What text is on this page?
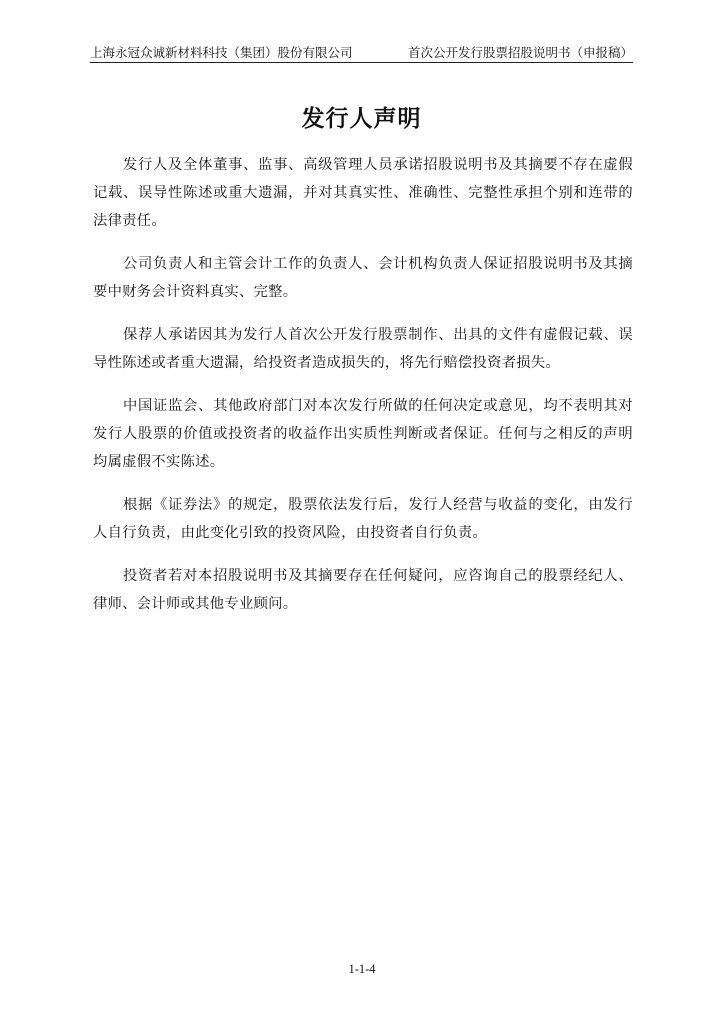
上海永冠众诚新材料科技（集团）股份有限公司	首次公开发行股票招股说明书（申报稿）
发行人声明

发行人及全体董事、监事、高级管理人员承诺招股说明书及其摘要不存在虚假记载、误导性陈述或重大遗漏，并对其真实性、准确性、完整性承担个别和连带的法律责任。

公司负责人和主管会计工作的负责人、会计机构负责人保证招股说明书及其摘要中财务会计资料真实、完整。

保荐人承诺因其为发行人首次公开发行股票制作、出具的文件有虚假记载、误导性陈述或者重大遗漏，给投资者造成损失的，将先行赔偿投资者损失。

中国证监会、其他政府部门对本次发行所做的任何决定或意见，均不表明其对发行人股票的价值或投资者的收益作出实质性判断或者保证。任何与之相反的声明均属虚假不实陈述。

根据《证券法》的规定，股票依法发行后，发行人经营与收益的变化，由发行人自行负责，由此变化引致的投资风险，由投资者自行负责。

投资者若对本招股说明书及其摘要存在任何疑问，应咨询自己的股票经纪人、律师、会计师或其他专业顾问。

1-1-4
